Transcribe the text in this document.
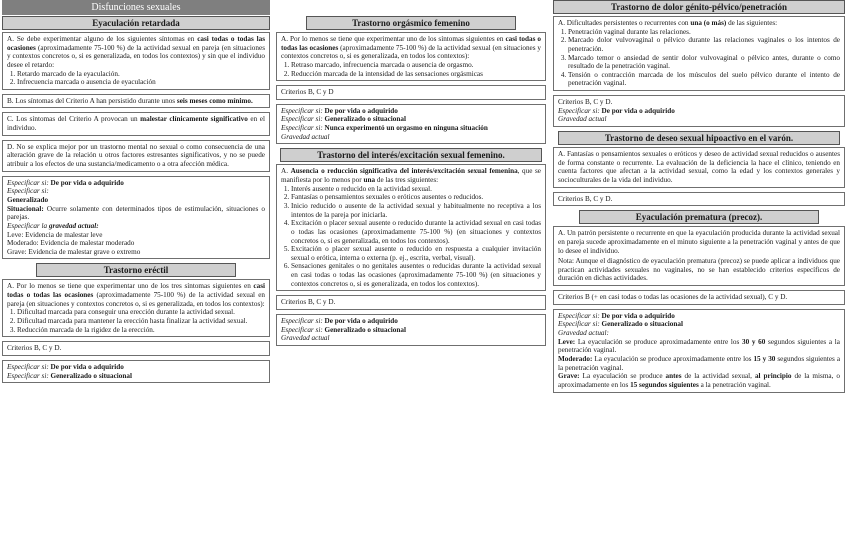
Disfunciones sexuales
Eyaculación retardada

A. Se debe experimentar alguno de los siguientes síntomas en casi todas o todas las ocasiones (aproximadamente 75-100 %) de la actividad sexual en pareja (en situaciones y contextos concretos o, si es generalizada, en todos los contextos) y sin que el individuo desee el retardo:

1. Retardo marcado de la eyaculación.
2. Infrecuencia marcada o ausencia de eyaculación

B. Los síntomas del Criterio A han persistido durante unos seis meses como mínimo.

C. Los síntomas del Criterio A provocan un malestar clínicamente significativo en el individuo.

D. No se explica mejor por un trastorno mental no sexual o como consecuencia de una alteración grave de la relación u otros factores estresantes significativos, y no se puede atribuir a los efectos de una sustancia/medicamento o a otra afección médica.

Especificar si: De por vida o adquirido

Especificar si:

Generalizado

Situacional: Ocurre solamente con determinados tipos de estimulación, situaciones o parejas.

Especificar la gravedad actual:

Leve: Evidencia de malestar leve

Moderado: Evidencia de malestar moderado

Grave: Evidencia de malestar grave o extremo

Trastorno eréctil

A. Por lo menos se tiene que experimentar uno de los tres síntomas siguientes en casi todas o todas las ocasiones (aproximadamente 75-100 %) de la actividad sexual en pareja (en situaciones y contextos concretos o, si es generalizada, en todos los contextos):

1. Dificultad marcada para conseguir una erección durante la actividad sexual.
2. Dificultad marcada para mantener la erección hasta finalizar la actividad sexual.
3. Reducción marcada de la rigidez de la erección.

Criterios B, C y D.

Especificar si: De por vida o adquirido

Especificar si: Generalizado o situacional

Trastorno orgásmico femenino

A. Por lo menos se tiene que experimentar uno de los síntomas siguientes en casi todas o todas las ocasiones (aproximadamente 75-100 %) de la actividad sexual (en situaciones y contextos concretos o, si es generalizada, en todos los contextos):

1. Retraso marcado, infrecuencia marcada o ausencia de orgasmo.
2. Reducción marcada de la intensidad de las sensaciones orgásmicas

Criterios B, C y D

Especificar si: De por vida o adquirido

Especificar si: Generalizado o situacional

Especificar si: Nunca experimentó un orgasmo en ninguna situación

Gravedad actual

Trastorno del interés/excitación sexual femenino.

A. Ausencia o reducción significativa del interés/excitación sexual femenina, que se manifiesta por lo menos por una de las tres siguientes:

1. Interés ausente o reducido en la actividad sexual.
2. Fantasías o pensamientos sexuales o eróticos ausentes o reducidos.
3. Inicio reducido o ausente de la actividad sexual y habitualmente no receptiva a los intentos de la pareja por iniciarla.
4. Excitación o placer sexual ausente o reducido durante la actividad sexual en casi todas o todas las ocasiones (aproximadamente 75-100 %) (en situaciones y contextos concretos o, si es generalizada, en todos los contextos).
5. Excitación o placer sexual ausente o reducido en respuesta a cualquier invitación sexual o erótica, interna o externa (p. ej., escrita, verbal, visual).
6. Sensaciones genitales o no genitales ausentes o reducidas durante la actividad sexual en casi todas o todas las ocasiones (aproximadamente 75-100 %) (en situaciones y contextos concretos o, si es generalizada, en todos los contextos).

Criterios B, C y D.

Especificar si: De por vida o adquirido

Especificar si: Generalizado o situacional

Gravedad actual

Trastorno de dolor génito-pélvico/penetración

A. Dificultades persistentes o recurrentes con una (o más) de las siguientes:

1. Penetración vaginal durante las relaciones.
2. Marcado dolor vulvovaginal o pélvico durante las relaciones vaginales o los intentos de penetración.
3. Marcado temor o ansiedad de sentir dolor vulvovaginal o pélvico antes, durante o como resultado de la penetración vaginal.
4. Tensión o contracción marcada de los músculos del suelo pélvico durante el intento de penetración vaginal.

Criterios B, C y D.

Especificar si: De por vida o adquirido

Gravedad actual

Trastorno de deseo sexual hipoactivo en el varón.

A. Fantasías o pensamientos sexuales o eróticos y deseo de actividad sexual reducidos o ausentes de forma constante o recurrente. La evaluación de la deficiencia la hace el clínico, teniendo en cuenta factores que afectan a la actividad sexual, como la edad y los contextos generales y socioculturales de la vida del individuo.

Criterios B, C y D.

Eyaculación prematura (precoz).

A. Un patrón persistente o recurrente en que la eyaculación producida durante la actividad sexual en pareja sucede aproximadamente en el minuto siguiente a la penetración vaginal y antes de que lo desee el individuo.

Nota: Aunque el diagnóstico de eyaculación prematura (precoz) se puede aplicar a individuos que practican actividades sexuales no vaginales, no se han establecido criterios específicos de duración en dichas actividades.

Criterios B (+ en casi todas o todas las ocasiones de la actividad sexual), C y D.

Especificar si: De por vida o adquirido

Especificar si: Generalizado o situacional

Gravedad actual:

Leve: La eyaculación se produce aproximadamente entre los 30 y 60 segundos siguientes a la penetración vaginal.

Moderado: La eyaculación se produce aproximadamente entre los 15 y 30 segundos siguientes a la penetración vaginal.

Grave: La eyaculación se produce antes de la actividad sexual, al principio de la misma, o aproximadamente en los 15 segundos siguientes a la penetración vaginal.
